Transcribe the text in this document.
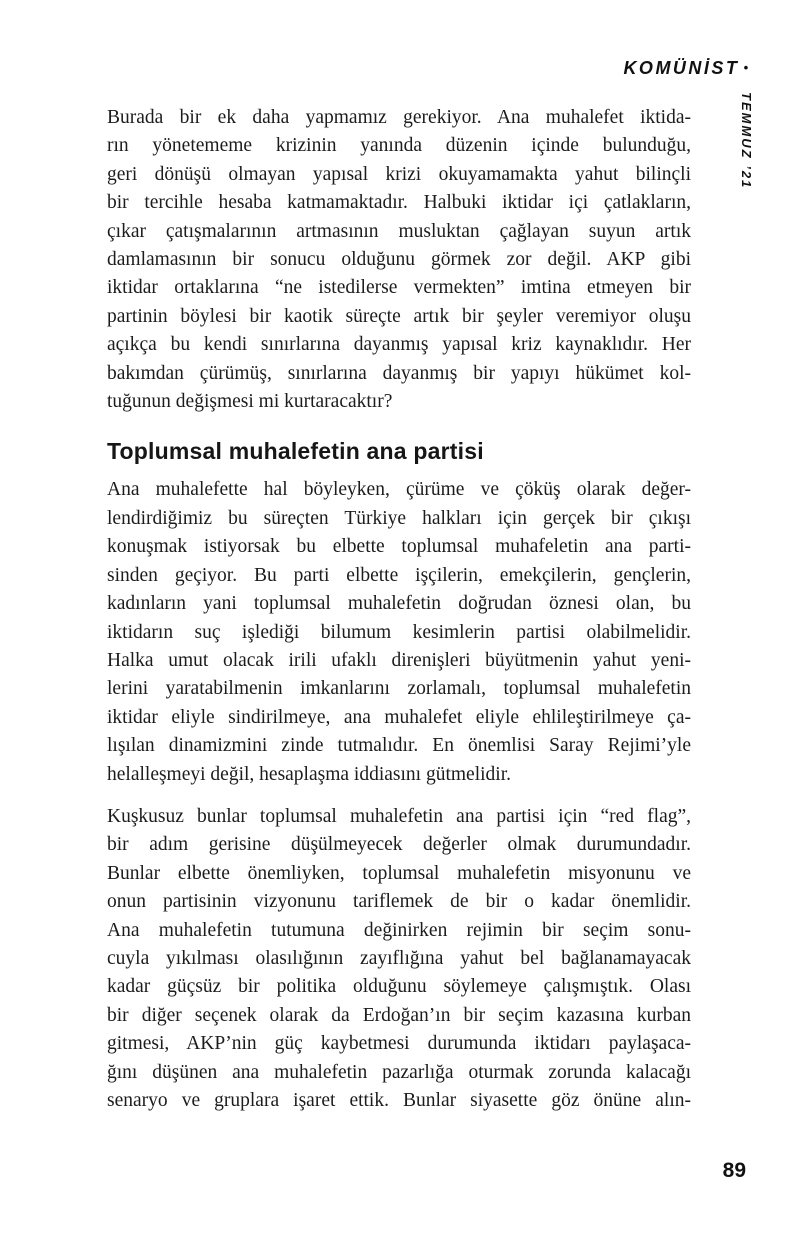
KOMÜNİST •
TEMMUZ ’21
Burada bir ek daha yapmamız gerekiyor. Ana muhalefet iktida-
rın yönetememe krizinin yanında düzenin içinde bulunduğu,
geri dönüşü olmayan yapısal krizi okuyamamakta yahut bilinçli
bir tercihle hesaba katmamaktadır. Halbuki iktidar içi çatlakların,
çıkar çatışmalarının artmasının musluktan çağlayan suyun artık
damlamasının bir sonucu olduğunu görmek zor değil. AKP gibi
iktidar ortaklarına “ne istedilerse vermekten” imtina etmeyen bir
partinin böylesi bir kaotik süreçte artık bir şeyler veremiyor oluşu
açıkça bu kendi sınırlarına dayanmış yapısal kriz kaynaklıdır. Her
bakımdan çürümüş, sınırlarına dayanmış bir yapıyı hükümet kol-
tuğunun değişmesi mi kurtaracaktır?
Toplumsal muhalefetin ana partisi
Ana muhalefette hal böyleyken, çürüme ve çöküş olarak değer-
lendirdiğimiz bu süreçten Türkiye halkları için gerçek bir çıkışı
konuşmak istiyorsak bu elbette toplumsal muhafeletin ana parti-
sinden geçiyor. Bu parti elbette işçilerin, emekçilerin, gençlerin,
kadınların yani toplumsal muhalefetin doğrudan öznesi olan, bu
iktidarın suç işlediği bilumum kesimlerin partisi olabilmelidir.
Halka umut olacak irili ufaklı direnişleri büyütmenin yahut yeni-
lerini yaratabilmenin imkanlarını zorlamalı, toplumsal muhalefetin
iktidar eliyle sindirilmeye, ana muhalefet eliyle ehlileştirilmeye ça-
lışılan dinamizmini zinde tutmalıdır. En önemlisi Saray Rejimi’yle
helalleşmeyi değil, hesaplaşma iddiasını gütmelidir.
Kuşkusuz bunlar toplumsal muhalefetin ana partisi için “red flag”,
bir adım gerisine düşülmeyecek değerler olmak durumundadır.
Bunlar elbette önemliyken, toplumsal muhalefetin misyonunu ve
onun partisinin vizyonunu tariflemek de bir o kadar önemlidir.
Ana muhalefetin tutumuna değinirken rejimin bir seçim sonu-
cuyla yıkılması olasılığının zayıflığına yahut bel bağlanamayacak
kadar güçsüz bir politika olduğunu söylemeye çalışmıştık. Olası
bir diğer seçenek olarak da Erdoğan’ın bir seçim kazasına kurban
gitmesi, AKP’nin güç kaybetmesi durumunda iktidarı paylaşaca-
ğını düşünen ana muhalefetin pazarlığa oturmak zorunda kalacağı
senaryo ve gruplara işaret ettik. Bunlar siyasette göz önüne alın-
89
